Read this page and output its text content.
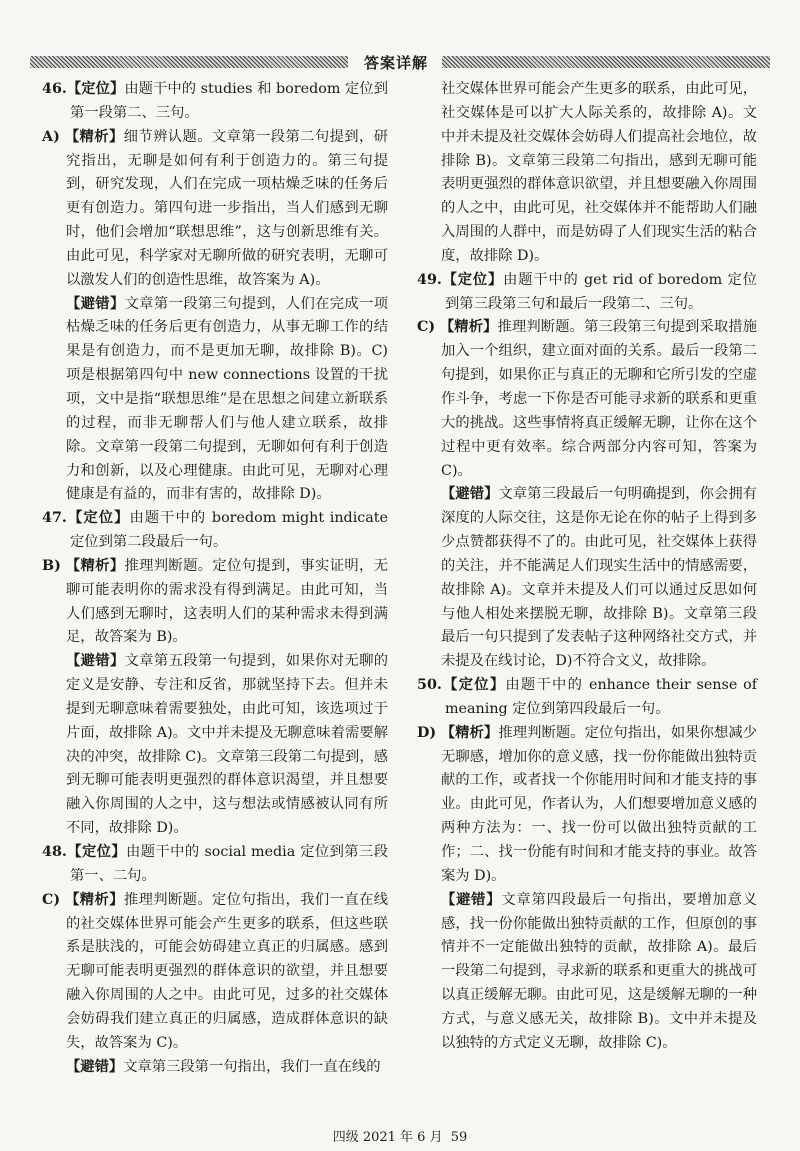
答案详解

46.【定位】由题干中的 studies 和 boredom 定位到第一段第二、三句。

A) 【精析】细节辨认题。文章第一段第二句提到，研究指出，无聊是如何有利于创造力的。第三句提到，研究发现，人们在完成一项枯燥乏味的任务后更有创造力。第四句进一步指出，当人们感到无聊时，他们会增加“联想思维”，这与创新思维有关。由此可见，科学家对无聊所做的研究表明，无聊可以激发人们的创造性思维，故答案为 A)。

【避错】文章第一段第三句提到，人们在完成一项枯燥乏味的任务后更有创造力，从事无聊工作的结果是有创造力，而不是更加无聊，故排除 B)。C)项是根据第四句中 new connections 设置的干扰项，文中是指“联想思维”是在思想之间建立新联系的过程，而非无聊帮人们与他人建立联系，故排除。文章第一段第二句提到，无聊如何有利于创造力和创新，以及心理健康。由此可见，无聊对心理健康是有益的，而非有害的，故排除 D)。

47.【定位】由题干中的 boredom might indicate 定位到第二段最后一句。

B) 【精析】推理判断题。定位句提到，事实证明，无聊可能表明你的需求没有得到满足。由此可知，当人们感到无聊时，这表明人们的某种需求未得到满足，故答案为 B)。

【避错】文章第五段第一句提到，如果你对无聊的定义是安静、专注和反省，那就坚持下去。但并未提到无聊意味着需要独处，由此可知，该选项过于片面，故排除 A)。文中并未提及无聊意味着需要解决的冲突，故排除 C)。文章第三段第二句提到，感到无聊可能表明更强烈的群体意识渴望，并且想要融入你周围的人之中，这与想法或情感被认同有所不同，故排除 D)。

48.【定位】由题干中的 social media 定位到第三段第一、二句。

C) 【精析】推理判断题。定位句指出，我们一直在线的社交媒体世界可能会产生更多的联系，但这些联系是肤浅的，可能会妨碍建立真正的归属感。感到无聊可能表明更强烈的群体意识的欲望，并且想要融入你周围的人之中。由此可见，过多的社交媒体会妨碍我们建立真正的归属感，造成群体意识的缺失，故答案为 C)。

【避错】文章第三段第一句指出，我们一直在线的

社交媒体世界可能会产生更多的联系，由此可见，社交媒体是可以扩大人际关系的，故排除 A)。文中并未提及社交媒体会妨碍人们提高社会地位，故排除 B)。文章第三段第二句指出，感到无聊可能表明更强烈的群体意识欲望，并且想要融入你周围的人之中，由此可见，社交媒体并不能帮助人们融入周围的人群中，而是妨碍了人们现实生活的粘合度，故排除 D)。

49.【定位】由题干中的 get rid of boredom 定位到第三段第三句和最后一段第二、三句。

C) 【精析】推理判断题。第三段第三句提到采取措施加入一个组织，建立面对面的关系。最后一段第二句提到，如果你正与真正的无聊和它所引发的空虚作斗争，考虑一下你是否可能寻求新的联系和更重大的挑战。这些事情将真正缓解无聊，让你在这个过程中更有效率。综合两部分内容可知，答案为 C)。

【避错】文章第三段最后一句明确提到，你会拥有深度的人际交往，这是你无论在你的帖子上得到多少点赞都获得不了的。由此可见，社交媒体上获得的关注，并不能满足人们现实生活中的情感需要，故排除 A)。文章并未提及人们可以通过反思如何与他人相处来摆脱无聊，故排除 B)。文章第三段最后一句只提到了发表帖子这种网络社交方式，并未提及在线讨论，D)不符合文义，故排除。

50.【定位】由题干中的 enhance their sense of meaning 定位到第四段最后一句。

D) 【精析】推理判断题。定位句指出，如果你想减少无聊感，增加你的意义感，找一份你能做出独特贡献的工作，或者找一个你能用时间和才能支持的事业。由此可见，作者认为，人们想要增加意义感的两种方法为：一、找一份可以做出独特贡献的工作；二、找一份能有时间和才能支持的事业。故答案为 D)。

【避错】文章第四段最后一句指出，要增加意义感，找一份你能做出独特贡献的工作，但原创的事情并不一定能做出独特的贡献，故排除 A)。最后一段第二句提到，寻求新的联系和更重大的挑战可以真正缓解无聊。由此可见，这是缓解无聊的一种方式，与意义感无关，故排除 B)。文中并未提及以独特的方式定义无聊，故排除 C)。

四级 2021 年 6 月 59
